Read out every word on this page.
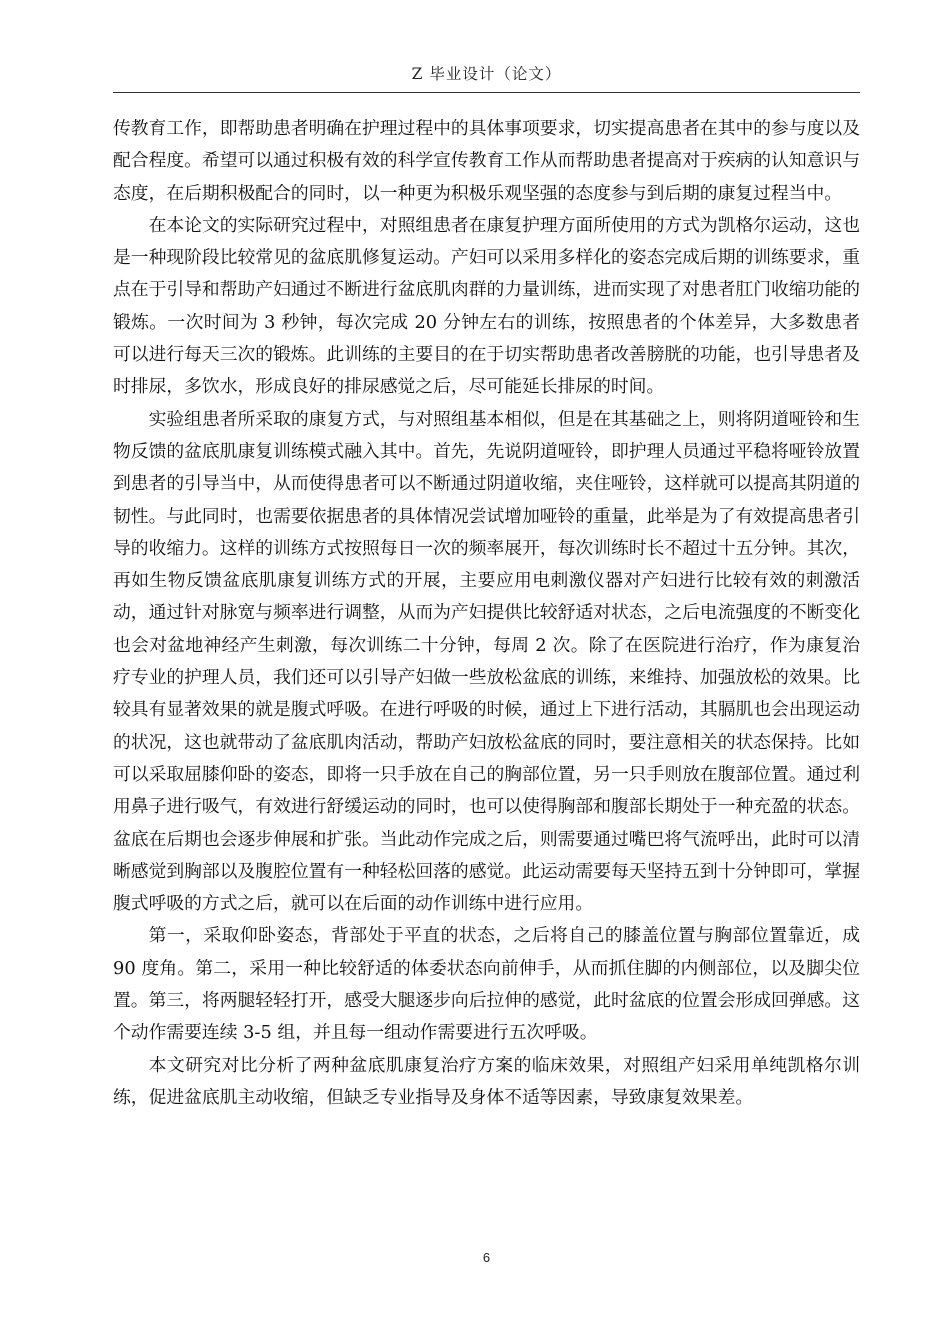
Z 毕业设计（论文）

传教育工作，即帮助患者明确在护理过程中的具体事项要求，切实提高患者在其中的参与度以及配合程度。希望可以通过积极有效的科学宣传教育工作从而帮助患者提高对于疾病的认知意识与态度，在后期积极配合的同时，以一种更为积极乐观坚强的态度参与到后期的康复过程当中。

在本论文的实际研究过程中，对照组患者在康复护理方面所使用的方式为凯格尔运动，这也是一种现阶段比较常见的盆底肌修复运动。产妇可以采用多样化的姿态完成后期的训练要求，重点在于引导和帮助产妇通过不断进行盆底肌肉群的力量训练，进而实现了对患者肛门收缩功能的锻炼。一次时间为 3 秒钟，每次完成 20 分钟左右的训练，按照患者的个体差异，大多数患者可以进行每天三次的锻炼。此训练的主要目的在于切实帮助患者改善膀胱的功能，也引导患者及时排尿，多饮水，形成良好的排尿感觉之后，尽可能延长排尿的时间。

实验组患者所采取的康复方式，与对照组基本相似，但是在其基础之上，则将阴道哑铃和生物反馈的盆底肌康复训练模式融入其中。首先，先说阴道哑铃，即护理人员通过平稳将哑铃放置到患者的引导当中，从而使得患者可以不断通过阴道收缩，夹住哑铃，这样就可以提高其阴道的韧性。与此同时，也需要依据患者的具体情况尝试增加哑铃的重量，此举是为了有效提高患者引导的收缩力。这样的训练方式按照每日一次的频率展开，每次训练时长不超过十五分钟。其次，再如生物反馈盆底肌康复训练方式的开展，主要应用电刺激仪器对产妇进行比较有效的刺激活动，通过针对脉宽与频率进行调整，从而为产妇提供比较舒适对状态，之后电流强度的不断变化也会对盆地神经产生刺激，每次训练二十分钟，每周 2 次。除了在医院进行治疗，作为康复治疗专业的护理人员，我们还可以引导产妇做一些放松盆底的训练，来维持、加强放松的效果。比较具有显著效果的就是腹式呼吸。在进行呼吸的时候，通过上下进行活动，其膈肌也会出现运动的状况，这也就带动了盆底肌肉活动，帮助产妇放松盆底的同时，要注意相关的状态保持。比如可以采取屈膝仰卧的姿态，即将一只手放在自己的胸部位置，另一只手则放在腹部位置。通过利用鼻子进行吸气，有效进行舒缓运动的同时，也可以使得胸部和腹部长期处于一种充盈的状态。盆底在后期也会逐步伸展和扩张。当此动作完成之后，则需要通过嘴巴将气流呼出，此时可以清晰感觉到胸部以及腹腔位置有一种轻松回落的感觉。此运动需要每天坚持五到十分钟即可，掌握腹式呼吸的方式之后，就可以在后面的动作训练中进行应用。

第一，采取仰卧姿态，背部处于平直的状态，之后将自己的膝盖位置与胸部位置靠近，成 90 度角。第二，采用一种比较舒适的体委状态向前伸手，从而抓住脚的内侧部位，以及脚尖位置。第三，将两腿轻轻打开，感受大腿逐步向后拉伸的感觉，此时盆底的位置会形成回弹感。这个动作需要连续 3-5 组，并且每一组动作需要进行五次呼吸。

本文研究对比分析了两种盆底肌康复治疗方案的临床效果，对照组产妇采用单纯凯格尔训练，促进盆底肌主动收缩，但缺乏专业指导及身体不适等因素，导致康复效果差。

6
